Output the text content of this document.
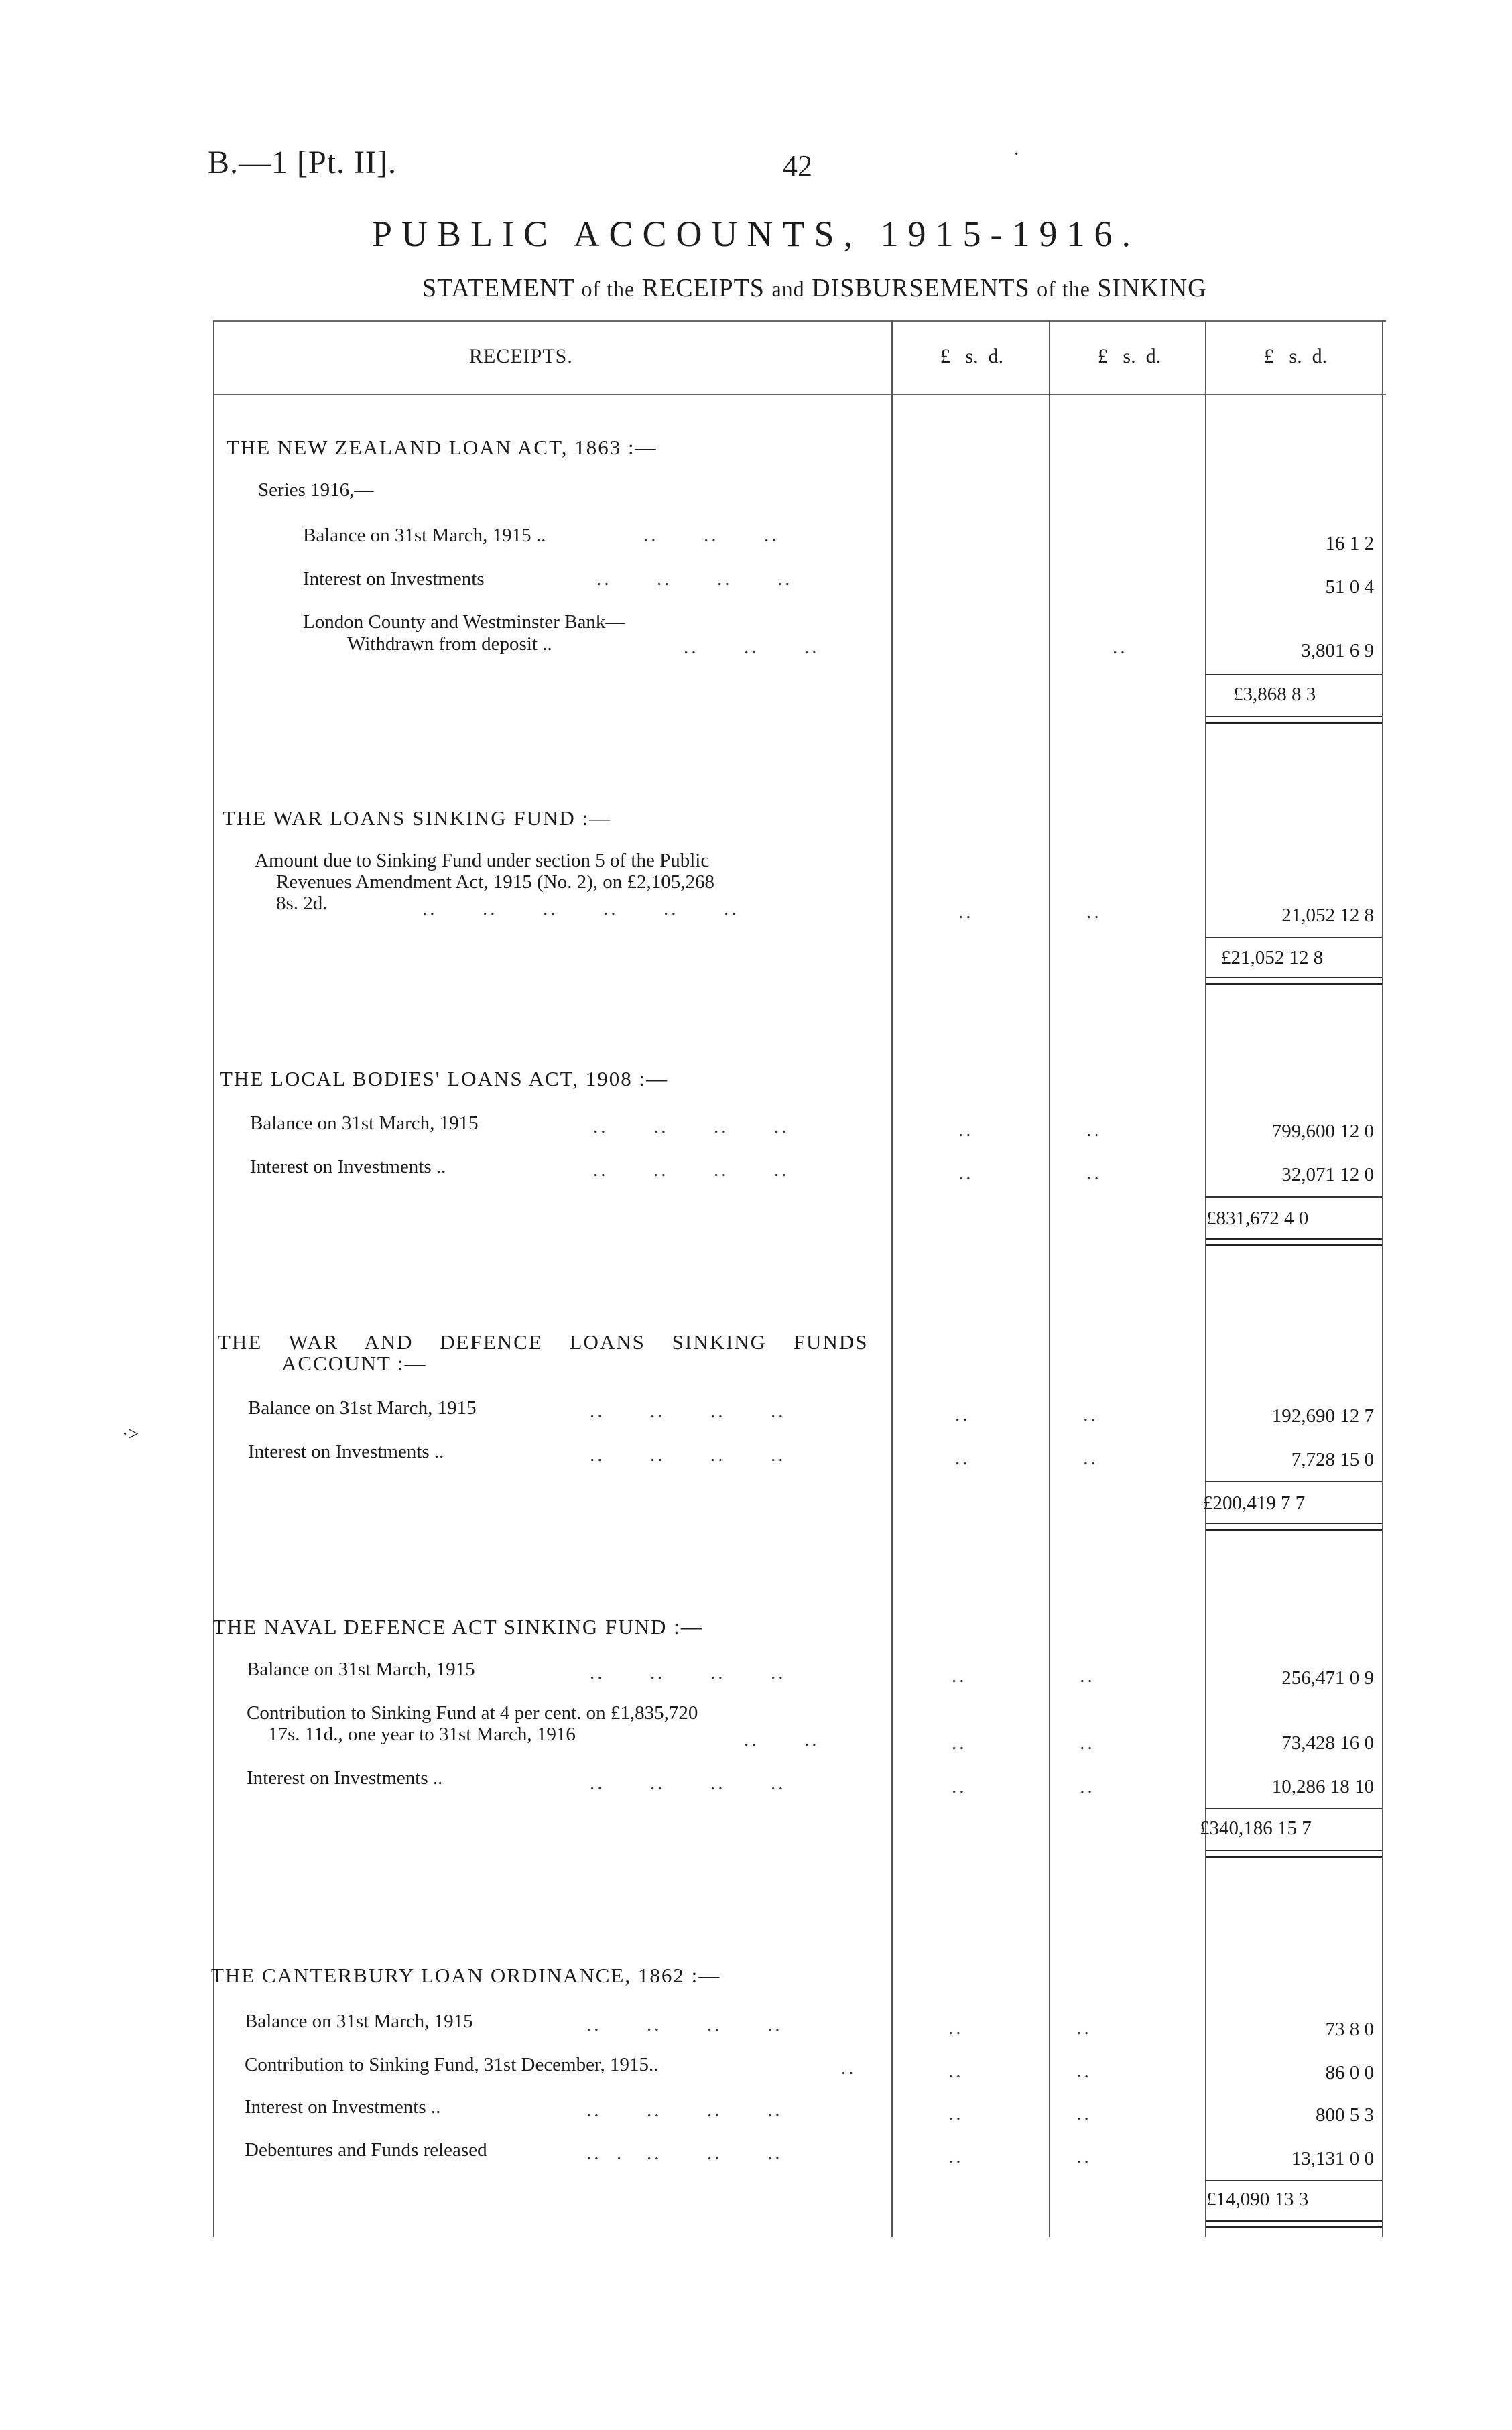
B.—1 [Pt. II].	42
PUBLIC ACCOUNTS, 1915-1916.
STATEMENT of the RECEIPTS and DISBURSEMENTS of the SINKING
RECEIPTS.	£   s.  d.	£   s.  d.	£   s.  d.
THE NEW ZEALAND LOAN ACT, 1863 :—
Series 1916,—
Balance on 31st March, 1915 ..	..      ..      ..	16 1 2
Interest on Investments	..      ..      ..      ..	51 0 4
London County and Westminster Bank—
Withdrawn from deposit ..	..      ..      ..	..	3,801 6 9
£3,868 8 3
THE WAR LOANS SINKING FUND :—
Amount due to Sinking Fund under section 5 of the Public
Revenues Amendment Act, 1915 (No. 2), on £2,105,268
8s. 2d.	..      ..      ..      ..      ..      ..	..               ..	21,052 12 8
£21,052 12 8
THE LOCAL BODIES' LOANS ACT, 1908 :—
Balance on 31st March, 1915	..      ..      ..      ..	..               ..	799,600 12 0
Interest on Investments ..	..      ..      ..      ..	..               ..	32,071 12 0
£831,672 4 0
THE WAR AND DEFENCE LOANS SINKING FUNDS
ACCOUNT :—
Balance on 31st March, 1915	..      ..      ..      ..	..               ..	192,690 12 7
Interest on Investments ..	..      ..      ..      ..	..               ..	7,728 15 0
£200,419 7 7
THE NAVAL DEFENCE ACT SINKING FUND :—
Balance on 31st March, 1915	..      ..      ..      ..	..               ..	256,471 0 9
Contribution to Sinking Fund at 4 per cent. on £1,835,720
17s. 11d., one year to 31st March, 1916	..      ..	..               ..	73,428 16 0
Interest on Investments ..	..      ..      ..      ..	..               ..	10,286 18 10
£340,186 15 7
THE CANTERBURY LOAN ORDINANCE, 1862 :—
Balance on 31st March, 1915	..      ..      ..      ..	..               ..	73 8 0
Contribution to Sinking Fund, 31st December, 1915..	..	..               ..	86 0 0
Interest on Investments ..	..      ..      ..      ..	..               ..	800 5 3
Debentures and Funds released	..  .   ..      ..      ..	..               ..	13,131 0 0
£14,090 13 3
·>
·
